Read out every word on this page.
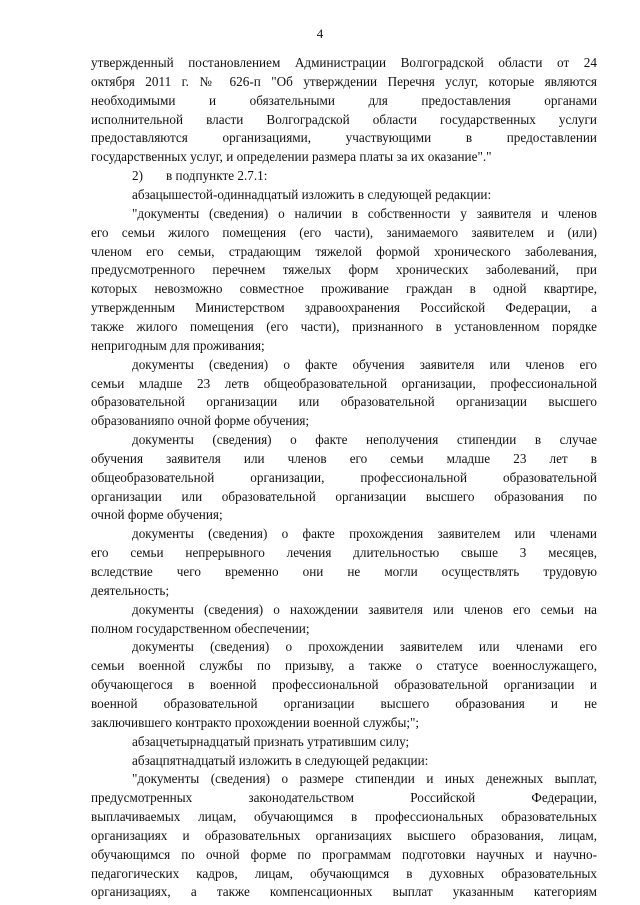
4
утвержденный постановлением Администрации Волгоградской области от 24
октября 2011 г. № 626-п "Об утверждении Перечня услуг, которые являются
необходимыми и обязательными для предоставления органами
исполнительной власти Волгоградской области государственных услуги
предоставляются организациями, участвующими в предоставлении
государственных услуг, и определении размера платы за их оказание"."
2) в подпункте 2.7.1:
абзацышестой-одиннадцатый изложить в следующей редакции:
"документы (сведения) о наличии в собственности у заявителя и членов
его семьи жилого помещения (его части), занимаемого заявителем и (или)
членом его семьи, страдающим тяжелой формой хронического заболевания,
предусмотренного перечнем тяжелых форм хронических заболеваний, при
которых невозможно совместное проживание граждан в одной квартире,
утвержденным Министерством здравоохранения Российской Федерации, а
также жилого помещения (его части), признанного в установленном порядке
непригодным для проживания;
документы (сведения) о факте обучения заявителя или членов его
семьи младше 23 летв общеобразовательной организации, профессиональной
образовательной организации или образовательной организации высшего
образованияпо очной форме обучения;
документы (сведения) о факте неполучения стипендии в случае
обучения заявителя или членов его семьи младше 23 лет в
общеобразовательной организации, профессиональной образовательной
организации или образовательной организации высшего образования по
очной форме обучения;
документы (сведения) о факте прохождения заявителем или членами
его семьи непрерывного лечения длительностью свыше 3 месяцев,
вследствие чего временно они не могли осуществлять трудовую
деятельность;
документы (сведения) о нахождении заявителя или членов его семьи на
полном государственном обеспечении;
документы (сведения) о прохождении заявителем или членами его
семьи военной службы по призыву, а также о статусе военнослужащего,
обучающегося в военной профессиональной образовательной организации и
военной образовательной организации высшего образования и не
заключившего контракто прохождении военной службы;";
абзацчетырнадцатый признать утратившим силу;
абзацпятнадцатый изложить в следующей редакции:
"документы (сведения) о размере стипендии и иных денежных выплат,
предусмотренных законодательством Российской Федерации,
выплачиваемых лицам, обучающимся в профессиональных образовательных
организациях и образовательных организациях высшего образования, лицам,
обучающимся по очной форме по программам подготовки научных и научно-
педагогических кадров, лицам, обучающимся в духовных образовательных
организациях, а также компенсационных выплат указанным категориям
